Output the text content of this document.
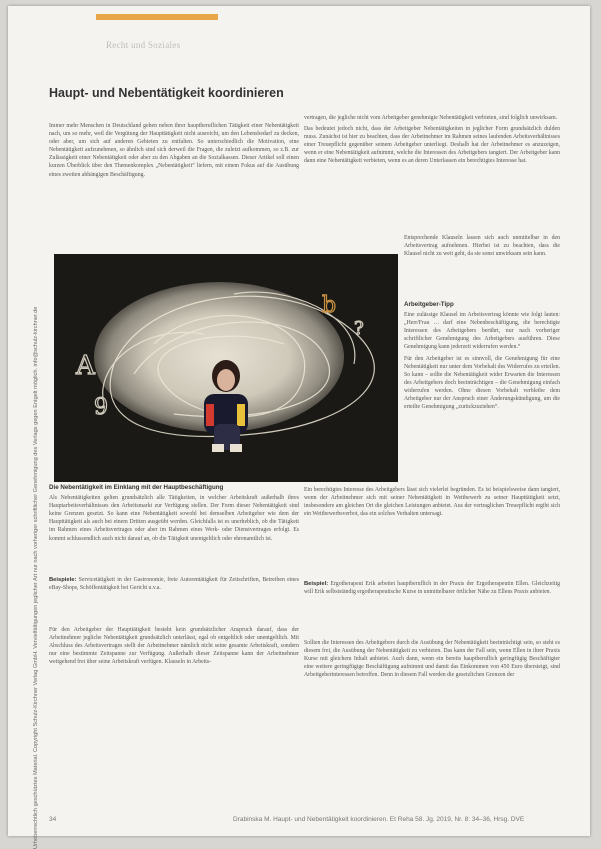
Recht und Soziales
Urheberrechtlich geschütztes Material. Copyright Schulz-Kirchner Verlag GmbH. Vervielfältigungen jeglicher Art nur nach vorheriger schriftlicher Genehmigung des Verlags gegen Entgelt möglich. info@schulz-kirchner.de
Haupt- und Nebentätigkeit koordinieren

Immer mehr Menschen in Deutschland gehen neben ihrer hauptberuflichen Tätigkeit einer Nebentätigkeit nach, um so mehr, weil die Vergütung der Haupttätigkeit nicht ausreicht, um den Lebensbedarf zu decken, oder aber, um sich auf anderen Gebieten zu entfalten. So unterschiedlich die Motivation, eine Nebentätigkeit aufzunehmen, so ähnlich sind sich derweil die Fragen, die zuletzt aufkommen, so z.B. zur Zulässigkeit einer Nebentätigkeit oder aber zu den Abgaben an die Sozialkassen. Dieser Artikel soll einen kurzen Überblick über den Themenkomplex „Nebentätigkeit“ liefern, mit einem Fokus auf die Ausübung eines zweiten abhängigen Beschäftigung.

vertragen, die jegliche nicht vom Arbeitgeber genehmigte Nebentätigkeit verbieten, sind folglich unwirksam.

Das bedeutet jedoch nicht, dass der Arbeitgeber Nebentätigkeiten in jeglicher Form grundsätzlich dulden muss. Zunächst ist hier zu beachten, dass der Arbeitnehmer im Rahmen seines laufenden Arbeitsverhältnisses einer Treuepflicht gegenüber seinem Arbeitgeber unterliegt. Deshalb hat der Arbeitnehmer es anzuzeigen, wenn er eine Nebentätigkeit aufnimmt, welche die Interessen des Arbeitgebers tangiert. Der Arbeitgeber kann dann eine Nebentätigkeit verbieten, wenn es an deren Unterlassen ein berechtigtes Interesse hat.

Entsprechende Klauseln lassen sich auch unmittelbar in den Arbeitsvertrag aufnehmen. Hierbei ist zu beachten, dass die Klausel nicht zu weit geht, da sie sonst unwirksam sein kann.

Arbeitgeber-Tipp

Eine zulässige Klausel im Arbeitsvertrag könnte wie folgt lauten: „Herr/Frau … darf eine Nebenbeschäftigung, die berechtigte Interessen des Arbeitgebers berührt, nur nach vorheriger schriftlicher Genehmigung des Arbeitgebers ausführen. Diese Genehmigung kann jederzeit widerrufen werden.“

Für den Arbeitgeber ist es sinnvoll, die Genehmigung für eine Nebentätigkeit nur unter dem Vorbehalt des Widerrufes zu erteilen. So kann – sollte die Nebentätigkeit wider Erwarten die Interessen des Arbeitgebers doch beeinträchtigen – die Genehmigung einfach widerrufen werden. Ohne diesen Vorbehalt verbleibe dem Arbeitgeber nur der Anspruch einer Änderungskündigung, um die erteilte Genehmigung „zurückzuziehen“.

A
9
b
?
Die Nebentätigkeit im Einklang mit der Hauptbeschäftigung

Als Nebentätigkeiten gelten grundsätzlich alle Tätigkeiten, in welcher Arbeitskraft außerhalb ihres Hauptarbeitsverhältnisses den Arbeitsmarkt zur Verfügung stellen. Der Form dieser Nebentätigkeit sind keine Grenzen gesetzt. So kann eine Nebentätigkeit sowohl bei demselben Arbeitgeber wie dem der Haupttätigkeit als auch bei einem Dritten ausgeübt werden. Gleichfalls ist es unerheblich, ob die Tätigkeit im Rahmen eines Arbeitsvertrages oder aber im Rahmen eines Werk- oder Dienstvertrages erfolgt. Es kommt schlussendlich auch nicht darauf an, ob die Tätigkeit unentgeltlich oder ehrenamtlich ist.

Beispiele: Servicetätigkeit in der Gastronomie, freie Autorentätigkeit für Zeitschriften, Betreiben eines eBay-Shops, Schöffentätigkeit bei Gericht u.v.a.

Für den Arbeitgeber der Haupttätigkeit besteht kein grundsätzlicher Anspruch darauf, dass der Arbeitnehmer jegliche Nebentätigkeit grundsätzlich unterlässt, egal ob entgeltlich oder unentgeltlich. Mit Abschluss des Arbeitsvertrages stellt der Arbeitnehmer nämlich nicht seine gesamte Arbeitskraft, sondern nur eine bestimmte Zeitspanne zur Verfügung. Außerhalb dieser Zeitspanne kann der Arbeitnehmer weitgehend frei über seine Arbeitskraft verfügen. Klauseln in Arbeits-

Ein berechtigtes Interesse des Arbeitgebers lässt sich vielerlei begründen. Es ist beispielsweise dann tangiert, wenn der Arbeitnehmer sich mit seiner Nebentätigkeit in Wettbewerb zu seiner Haupttätigkeit setzt, insbesondere am gleichen Ort die gleichen Leistungen anbietet. Aus der vertraglichen Treuepflicht ergibt sich ein Wettbewerbsverbot, das ein solches Verhalten untersagt.

Beispiel: Ergotherapeut Erik arbeitet hauptberuflich in der Praxis der Ergotherapeutin Ellen. Gleichzeitig will Erik selbstständig ergotherapeutische Kurse in unmittelbarer örtlicher Nähe zu Ellens Praxis anbieten.

Sollten die Interessen des Arbeitgebers durch die Ausübung der Nebentätigkeit beeinträchtigt sein, so steht es diesem frei, die Ausübung der Nebentätigkeit zu verbieten. Das kann der Fall sein, wenn Ellen in ihrer Praxis Kurse mit gleichem Inhalt anbietet. Auch dann, wenn ein bereits hauptberuflich geringfügig Beschäftigter eine weitere geringfügige Beschäftigung aufnimmt und damit das Einkommen von 450 Euro übersteigt, sind Arbeitgeberinteressen betroffen. Denn in diesem Fall werden die gesetzlichen Grenzen der

34	Drabinska M. Haupt- und Nebentätigkeit koordinieren. Et Reha 58. Jg. 2019, Nr. 8: 34–36, Hrsg. DVE
